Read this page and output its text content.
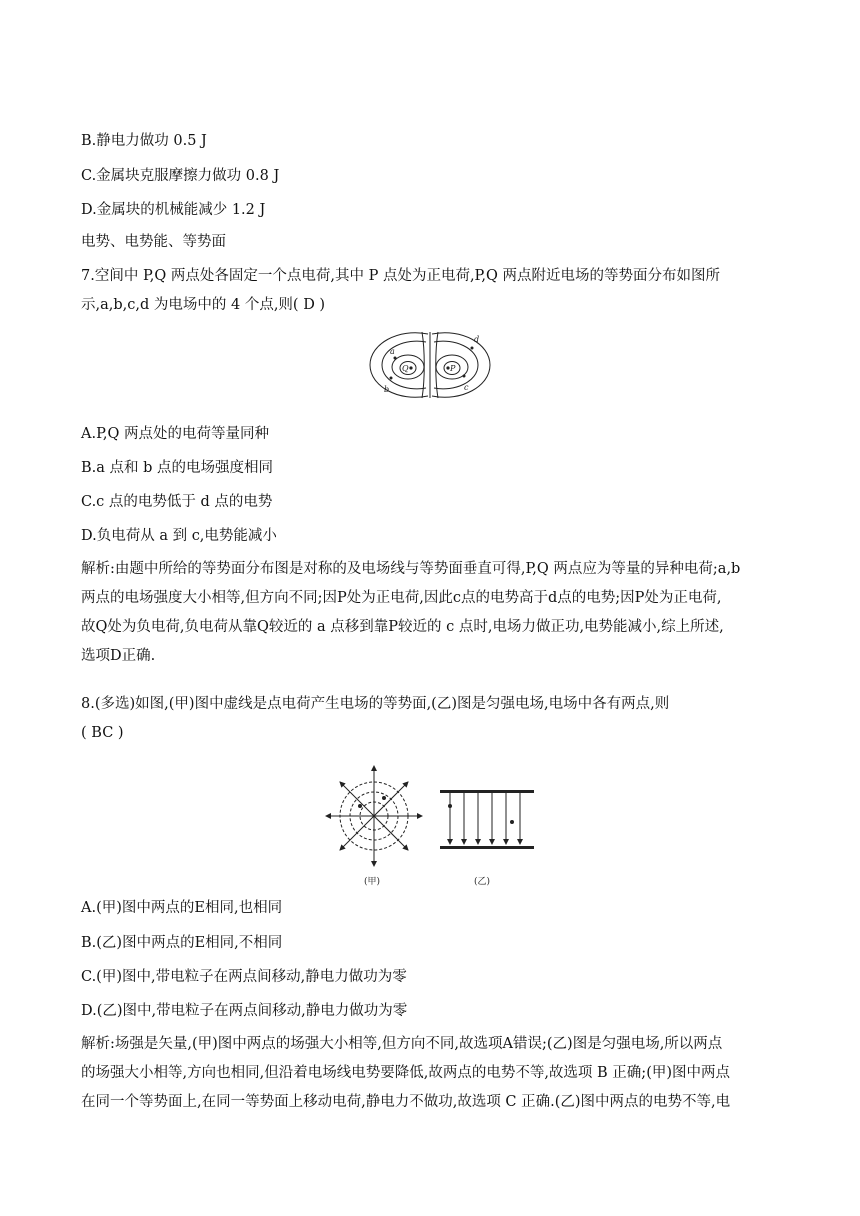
B.静电力做功 0.5 J
C.金属块克服摩擦力做功 0.8 J
D.金属块的机械能减少 1.2 J
电势、电势能、等势面
7.空间中 P,Q 两点处各固定一个点电荷,其中 P 点处为正电荷,P,Q 两点附近电场的等势面分布如图所
示,a,b,c,d 为电场中的 4 个点,则( D )
a
b	c
d
Q	P
A.P,Q 两点处的电荷等量同种
B.a 点和 b 点的电场强度相同
C.c 点的电势低于 d 点的电势
D.负电荷从 a 到 c,电势能减小
解析:由题中所给的等势面分布图是对称的及电场线与等势面垂直可得,P,Q 两点应为等量的异种电荷;a,b
两点的电场强度大小相等,但方向不同;因P处为正电荷,因此c点的电势高于d点的电势;因P处为正电荷,
故Q处为负电荷,负电荷从靠Q较近的 a 点移到靠P较近的 c 点时,电场力做正功,电势能减小,综上所述,
选项D正确.
8.(多选)如图,(甲)图中虚线是点电荷产生电场的等势面,(乙)图是匀强电场,电场中各有两点,则
( BC )
(甲)	(乙)
A.(甲)图中两点的E相同,也相同
B.(乙)图中两点的E相同,不相同
C.(甲)图中,带电粒子在两点间移动,静电力做功为零
D.(乙)图中,带电粒子在两点间移动,静电力做功为零
解析:场强是矢量,(甲)图中两点的场强大小相等,但方向不同,故选项A错误;(乙)图是匀强电场,所以两点
的场强大小相等,方向也相同,但沿着电场线电势要降低,故两点的电势不等,故选项 B 正确;(甲)图中两点
在同一个等势面上,在同一等势面上移动电荷,静电力不做功,故选项 C 正确.(乙)图中两点的电势不等,电
